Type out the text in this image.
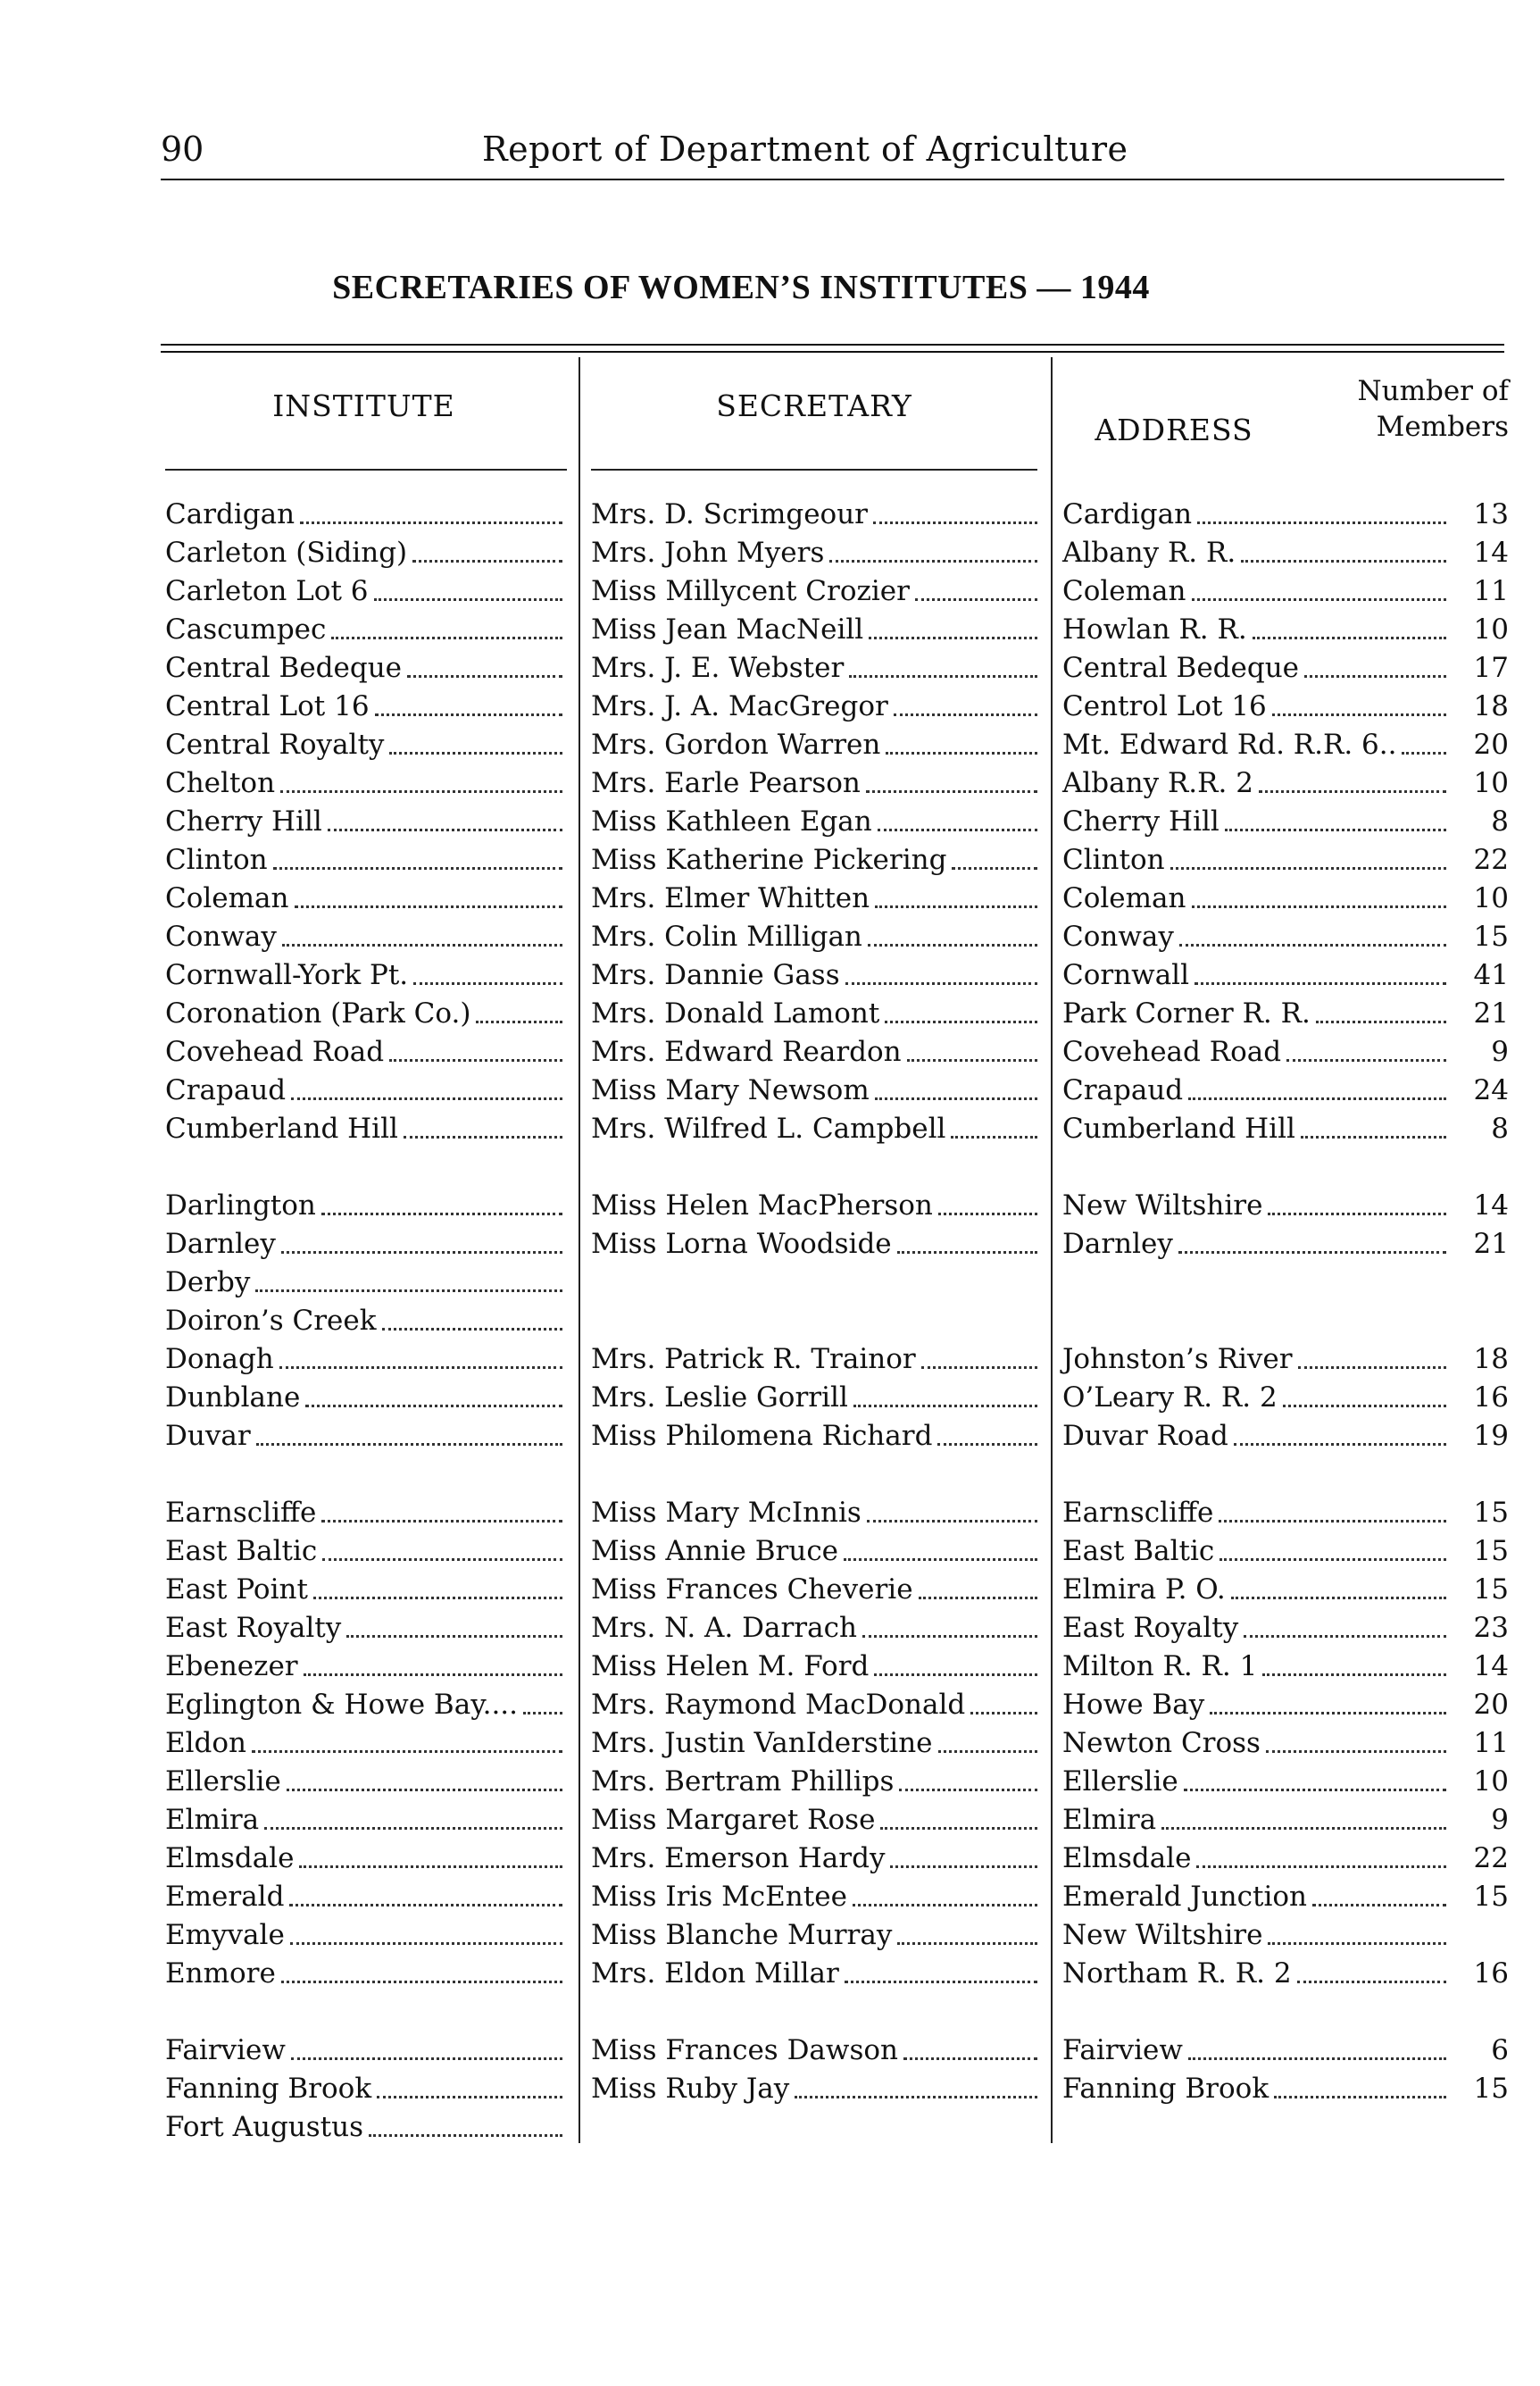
90	Report of Department of Agriculture
SECRETARIES OF WOMEN’S INSTITUTES — 1944
INSTITUTE	SECRETARY
ADDRESS
Number of
Members
Cardigan	Mrs. D. Scrimgeour	Cardigan	13
Carleton (Siding)	Mrs. John Myers	Albany R. R.	14
Carleton Lot 6	Miss Millycent Crozier	Coleman	11
Cascumpec	Miss Jean MacNeill	Howlan R. R.	10
Central Bedeque	Mrs. J. E. Webster	Central Bedeque	17
Central Lot 16	Mrs. J. A. MacGregor	Centrol Lot 16	18
Central Royalty	Mrs. Gordon Warren	Mt. Edward Rd. R.R. 6..	20
Chelton	Mrs. Earle Pearson	Albany R.R. 2	10
Cherry Hill	Miss Kathleen Egan	Cherry Hill	8
Clinton	Miss Katherine Pickering	Clinton	22
Coleman	Mrs. Elmer Whitten	Coleman	10
Conway	Mrs. Colin Milligan	Conway	15
Cornwall-York Pt.	Mrs. Dannie Gass	Cornwall	41
Coronation (Park Co.)	Mrs. Donald Lamont	Park Corner R. R.	21
Covehead Road	Mrs. Edward Reardon	Covehead Road	9
Crapaud	Miss Mary Newsom	Crapaud	24
Cumberland Hill	Mrs. Wilfred L. Campbell	Cumberland Hill	8
Darlington	Miss Helen MacPherson	New Wiltshire	14
Darnley	Miss Lorna Woodside	Darnley	21
Derby
Doiron’s Creek
Donagh	Mrs. Patrick R. Trainor	Johnston’s River	18
Dunblane	Mrs. Leslie Gorrill	O’Leary R. R. 2	16
Duvar	Miss Philomena Richard	Duvar Road	19
Earnscliffe	Miss Mary McInnis	Earnscliffe	15
East Baltic	Miss Annie Bruce	East Baltic	15
East Point	Miss Frances Cheverie	Elmira P. O.	15
East Royalty	Mrs. N. A. Darrach	East Royalty	23
Ebenezer	Miss Helen M. Ford	Milton R. R. 1	14
Eglington & Howe Bay....	Mrs. Raymond MacDonald	Howe Bay	20
Eldon	Mrs. Justin VanIderstine	Newton Cross	11
Ellerslie	Mrs. Bertram Phillips	Ellerslie	10
Elmira	Miss Margaret Rose	Elmira	9
Elmsdale	Mrs. Emerson Hardy	Elmsdale	22
Emerald	Miss Iris McEntee	Emerald Junction	15
Emyvale	Miss Blanche Murray	New Wiltshire
Enmore	Mrs. Eldon Millar	Northam R. R. 2	16
Fairview	Miss Frances Dawson	Fairview	6
Fanning Brook	Miss Ruby Jay	Fanning Brook	15
Fort Augustus
